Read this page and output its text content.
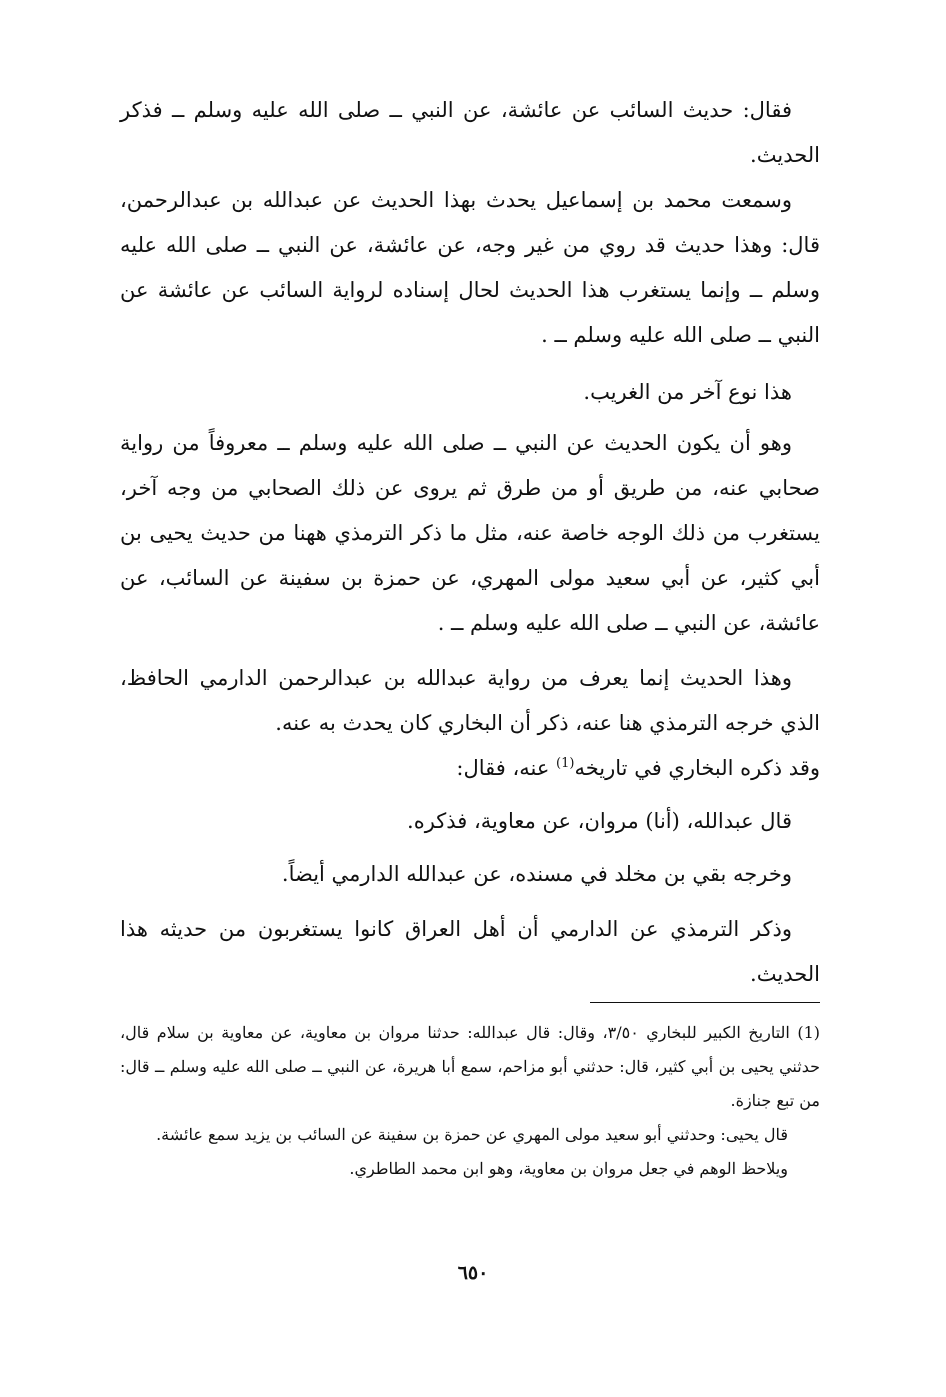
فقال: حديث السائب عن عائشة، عن النبي ــ صلى الله عليه وسلم ــ فذكر الحديث.

وسمعت محمد بن إسماعيل يحدث بهذا الحديث عن عبدالله بن عبدالرحمن، قال: وهذا حديث قد روي من غير وجه، عن عائشة، عن النبي ــ صلى الله عليه وسلم ــ وإنما يستغرب هذا الحديث لحال إسناده لرواية السائب عن عائشة عن النبي ــ صلى الله عليه وسلم ــ .

هذا نوع آخر من الغريب.

وهو أن يكون الحديث عن النبي ــ صلى الله عليه وسلم ــ معروفاً من رواية صحابي عنه، من طريق أو من طرق ثم يروى عن ذلك الصحابي من وجه آخر، يستغرب من ذلك الوجه خاصة عنه، مثل ما ذكر الترمذي ههنا من حديث يحيى بن أبي كثير، عن أبي سعيد مولى المهري، عن حمزة بن سفينة عن السائب، عن عائشة، عن النبي ــ صلى الله عليه وسلم ــ .

وهذا الحديث إنما يعرف من رواية عبدالله بن عبدالرحمن الدارمي الحافظ، الذي خرجه الترمذي هنا عنه، ذكر أن البخاري كان يحدث به عنه.

وقد ذكره البخاري في تاريخه$^{(1)}$ عنه، فقال:

قال عبدالله، (أنا) مروان، عن معاوية، فذكره.

وخرجه بقي بن مخلد في مسنده، عن عبدالله الدارمي أيضاً.

وذكر الترمذي عن الدارمي أن أهل العراق كانوا يستغربون من حديثه هذا الحديث.

(1) التاريخ الكبير للبخاري ٣/٥٠، وقال: قال عبدالله: حدثنا مروان بن معاوية، عن معاوية بن سلام قال، حدثني يحيى بن أبي كثير، قال: حدثني أبو مزاحم، سمع أبا هريرة، عن النبي ــ صلى الله عليه وسلم ــ قال: من تبع جنازة.

قال يحيى: وحدثني أبو سعيد مولى المهري عن حمزة بن سفينة عن السائب بن يزيد سمع عائشة.

ويلاحظ الوهم في جعل مروان بن معاوية، وهو ابن محمد الطاطري.

٦٥٠
